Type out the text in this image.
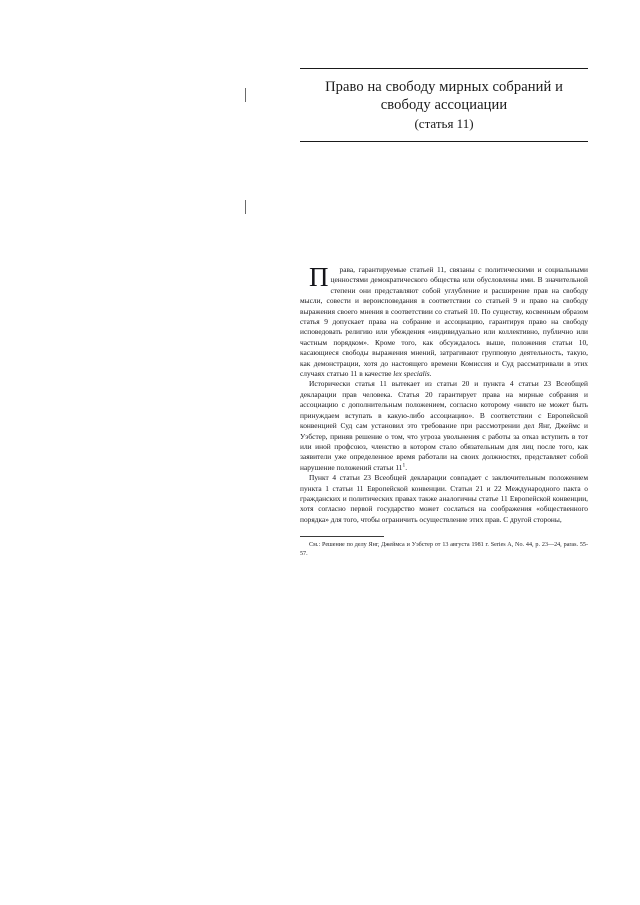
Право на свободу мирных собраний и свободу ассоциации
(статья 11)

П рава, гарантируемые статьей 11, связаны с политическими и социальными ценностями демократического общества или обусловлены ими. В значительной степени они представляют собой углубление и расширение прав на свободу мысли, совести и вероисповедания в соответствии со статьей 9 и право на свободу выражения своего мнения в соответствии со статьей 10. По существу, косвенным образом статья 9 допускает права на собрание и ассоциацию, гарантируя право на свободу исповедовать религию или убеждения «индивидуально или коллективно, публично или частным порядком». Кроме того, как обсуждалось выше, положения статьи 10, касающиеся свободы выражения мнений, затрагивают групповую деятельность, такую, как демонстрации, хотя до настоящего времени Комиссия и Суд рассматривали в этих случаях статью 11 в качестве lex specialis.

Исторически статья 11 вытекает из статьи 20 и пункта 4 статьи 23 Всеобщей декларации прав человека. Статья 20 гарантирует права на мирные собрания и ассоциацию с дополнительным положением, согласно которому «никто не может быть принуждаем вступать в какую-либо ассоциацию». В соответствии с Европейской конвенцией Суд сам установил это требование при рассмотрении дел Янг, Джеймс и Уэбстер, приняв решение о том, что угроза увольнения с работы за отказ вступить в тот или иной профсоюз, членство в котором стало обязательным для лиц после того, как заявители уже определенное время работали на своих должностях, представляет собой нарушение положений статьи 11$^1$.

Пункт 4 статьи 23 Всеобщей декларации совпадает с заключительным положением пункта 1 статьи 11 Европейской конвенции. Статьи 21 и 22 Международного пакта о гражданских и политических правах также аналогичны статье 11 Европейской конвенции, хотя согласно первой государство может сослаться на соображения «общественного порядка» для того, чтобы ограничить осуществление этих прав. С другой стороны,

См.: Решение по делу Янг, Джеймса и Уэбстер от 13 августа 1981 г. Series A, No. 44, p. 23—24, paras. 55-57.
